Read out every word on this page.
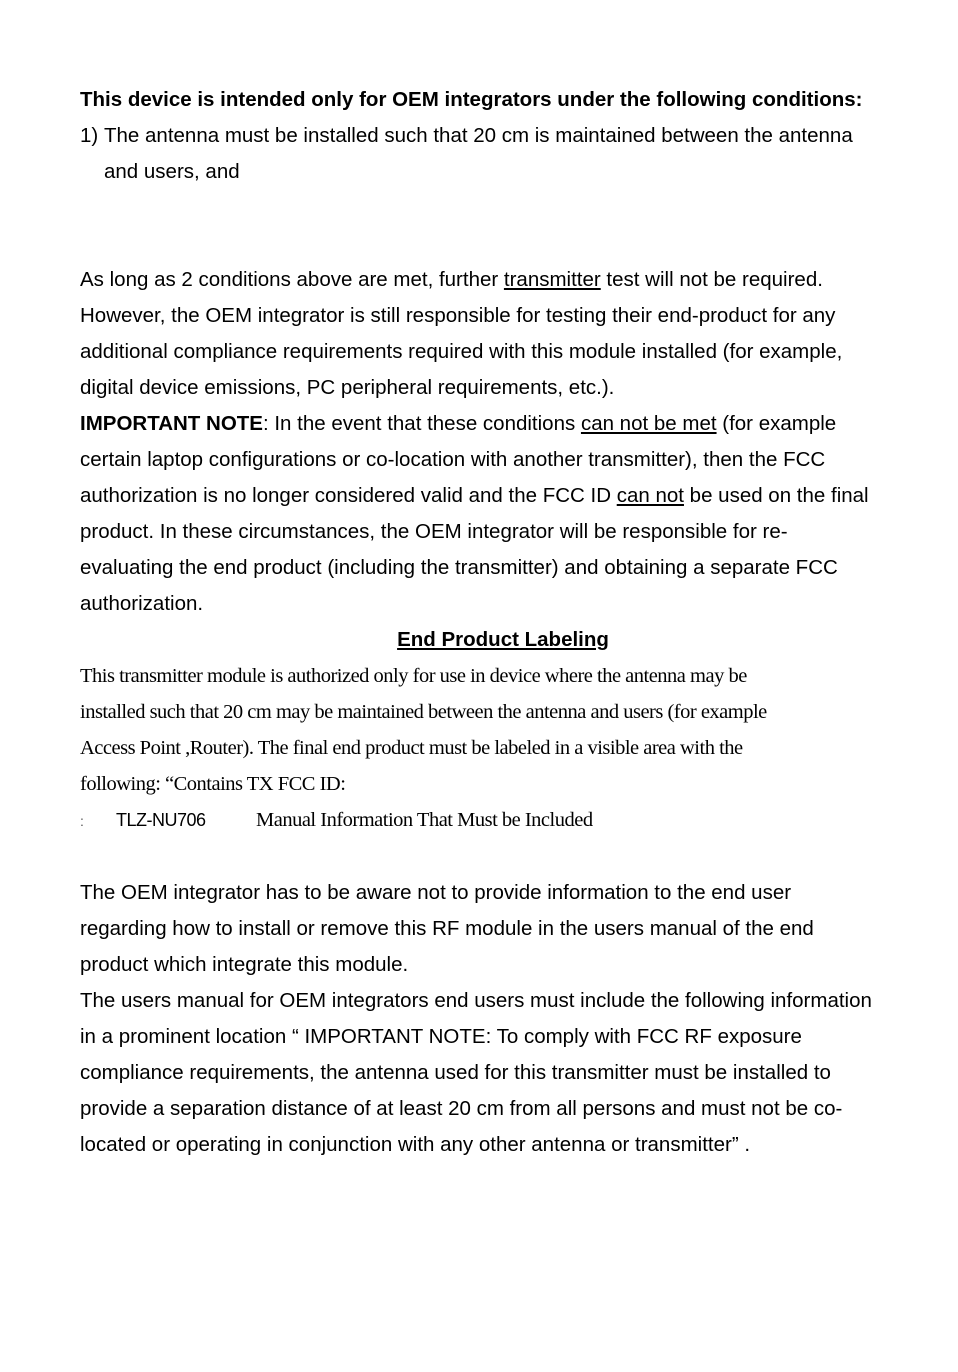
This device is intended only for OEM integrators under the following conditions:

1) The antenna must be installed such that 20 cm is maintained between the antenna and users, and

As long as 2 conditions above are met, further transmitter test will not be required. However, the OEM integrator is still responsible for testing their end-product for any additional compliance requirements required with this module installed (for example, digital device emissions, PC peripheral requirements, etc.).

IMPORTANT NOTE: In the event that these conditions can not be met (for example certain laptop configurations or co-location with another transmitter), then the FCC authorization is no longer considered valid and the FCC ID can not be used on the final product. In these circumstances, the OEM integrator will be responsible for re-evaluating the end product (including the transmitter) and obtaining a separate FCC authorization.

End Product Labeling

This transmitter module is authorized only for use in device where the antenna may be installed such that 20 cm may be maintained between the antenna and users (for example Access Point ,Router). The final end product must be labeled in a visible area with the following: “Contains TX FCC ID:

:	TLZ-NU706	Manual Information That Must be Included

The OEM integrator has to be aware not to provide information to the end user regarding how to install or remove this RF module in the users manual of the end product which integrate this module.

The users manual for OEM integrators end users must include the following information in a prominent location “ IMPORTANT NOTE: To comply with FCC RF exposure compliance requirements, the antenna used for this transmitter must be installed to provide a separation distance of at least 20 cm from all persons and must not be co-located or operating in conjunction with any other antenna or transmitter” .
